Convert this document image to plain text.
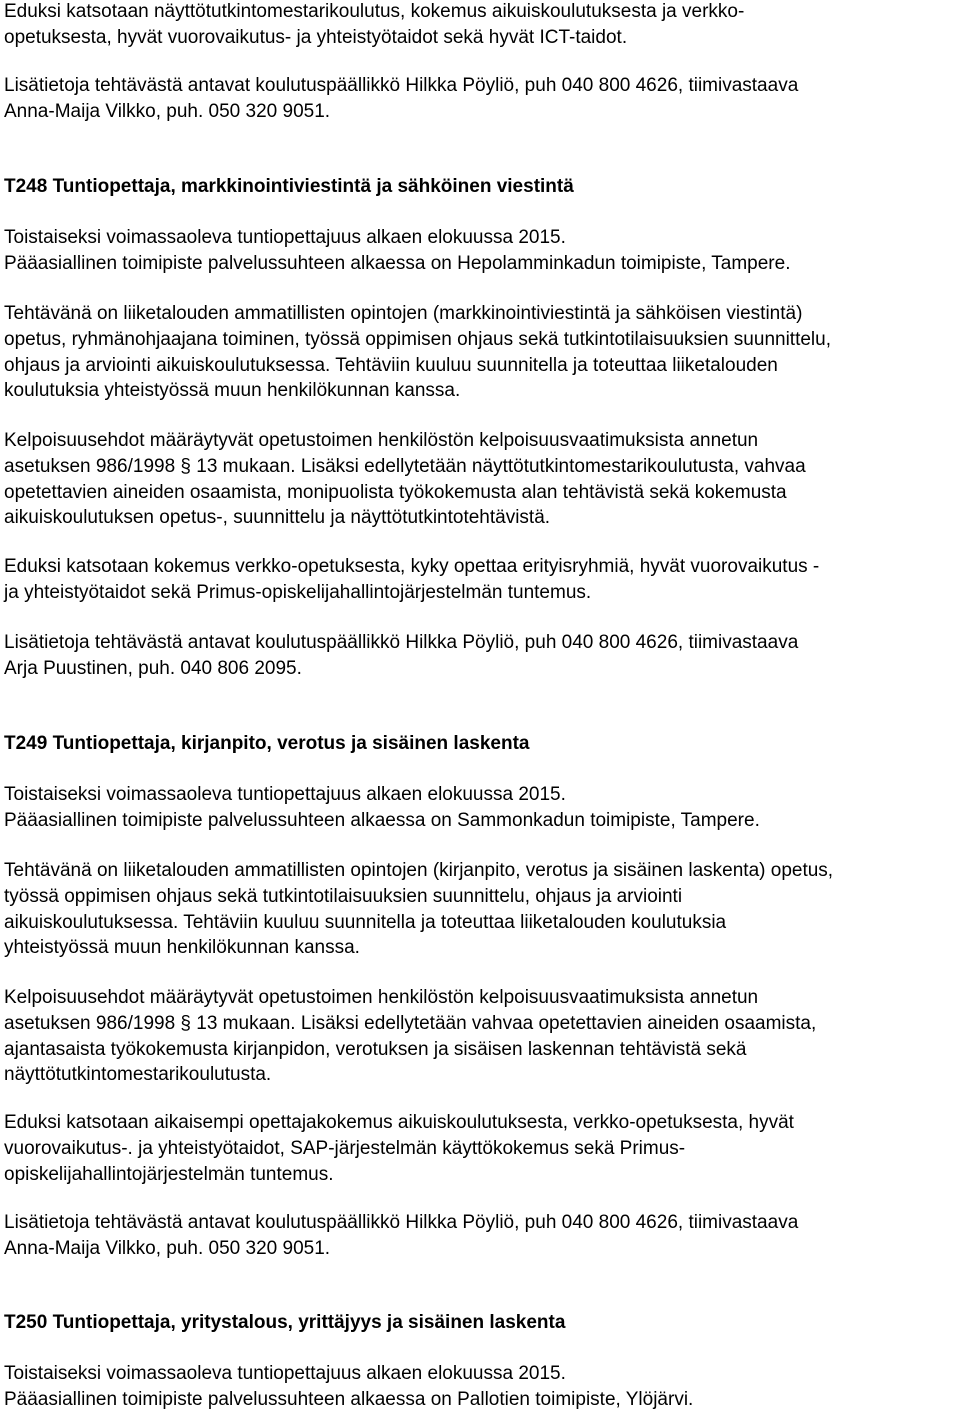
Eduksi katsotaan näyttötutkintomestarikoulutus, kokemus aikuiskoulutuksesta ja verkko-
opetuksesta, hyvät vuorovaikutus- ja yhteistyötaidot sekä hyvät ICT-taidot.

Lisätietoja tehtävästä antavat koulutuspäällikkö Hilkka Pöyliö, puh 040 800 4626, tiimivastaava
Anna-Maija Vilkko, puh. 050 320 9051.

T248 Tuntiopettaja, markkinointiviestintä ja sähköinen viestintä

Toistaiseksi voimassaoleva tuntiopettajuus alkaen elokuussa 2015.
Pääasiallinen toimipiste palvelussuhteen alkaessa on Hepolamminkadun toimipiste, Tampere.

Tehtävänä on liiketalouden ammatillisten opintojen (markkinointiviestintä ja sähköisen viestintä)
opetus, ryhmänohjaajana toiminen, työssä oppimisen ohjaus sekä tutkintotilaisuuksien suunnittelu,
ohjaus ja arviointi aikuiskoulutuksessa. Tehtäviin kuuluu suunnitella ja toteuttaa liiketalouden
koulutuksia yhteistyössä muun henkilökunnan kanssa.

Kelpoisuusehdot määräytyvät opetustoimen henkilöstön kelpoisuusvaatimuksista annetun
asetuksen 986/1998 § 13 mukaan. Lisäksi edellytetään näyttötutkintomestarikoulutusta, vahvaa
opetettavien aineiden osaamista, monipuolista työkokemusta alan tehtävistä sekä kokemusta
aikuiskoulutuksen opetus-, suunnittelu ja näyttötutkintotehtävistä.

Eduksi katsotaan kokemus verkko-opetuksesta, kyky opettaa erityisryhmiä, hyvät vuorovaikutus -
ja yhteistyötaidot sekä Primus-opiskelijahallintojärjestelmän tuntemus.

Lisätietoja tehtävästä antavat koulutuspäällikkö Hilkka Pöyliö, puh 040 800 4626, tiimivastaava
Arja Puustinen, puh. 040 806 2095.

T249 Tuntiopettaja, kirjanpito, verotus ja sisäinen laskenta

Toistaiseksi voimassaoleva tuntiopettajuus alkaen elokuussa 2015.
Pääasiallinen toimipiste palvelussuhteen alkaessa on Sammonkadun toimipiste, Tampere.

Tehtävänä on liiketalouden ammatillisten opintojen (kirjanpito, verotus ja sisäinen laskenta) opetus,
työssä oppimisen ohjaus sekä tutkintotilaisuuksien suunnittelu, ohjaus ja arviointi
aikuiskoulutuksessa. Tehtäviin kuuluu suunnitella ja toteuttaa liiketalouden koulutuksia
yhteistyössä muun henkilökunnan kanssa.

Kelpoisuusehdot määräytyvät opetustoimen henkilöstön kelpoisuusvaatimuksista annetun
asetuksen 986/1998 § 13 mukaan. Lisäksi edellytetään vahvaa opetettavien aineiden osaamista,
ajantasaista työkokemusta kirjanpidon, verotuksen ja sisäisen laskennan tehtävistä sekä
näyttötutkintomestarikoulutusta.

Eduksi katsotaan aikaisempi opettajakokemus aikuiskoulutuksesta, verkko-opetuksesta, hyvät
vuorovaikutus-. ja yhteistyötaidot, SAP-järjestelmän käyttökokemus sekä Primus-
opiskelijahallintojärjestelmän tuntemus.

Lisätietoja tehtävästä antavat koulutuspäällikkö Hilkka Pöyliö, puh 040 800 4626, tiimivastaava
Anna-Maija Vilkko, puh. 050 320 9051.

T250 Tuntiopettaja, yritystalous, yrittäjyys ja sisäinen laskenta

Toistaiseksi voimassaoleva tuntiopettajuus alkaen elokuussa 2015.
Pääasiallinen toimipiste palvelussuhteen alkaessa on Pallotien toimipiste, Ylöjärvi.
